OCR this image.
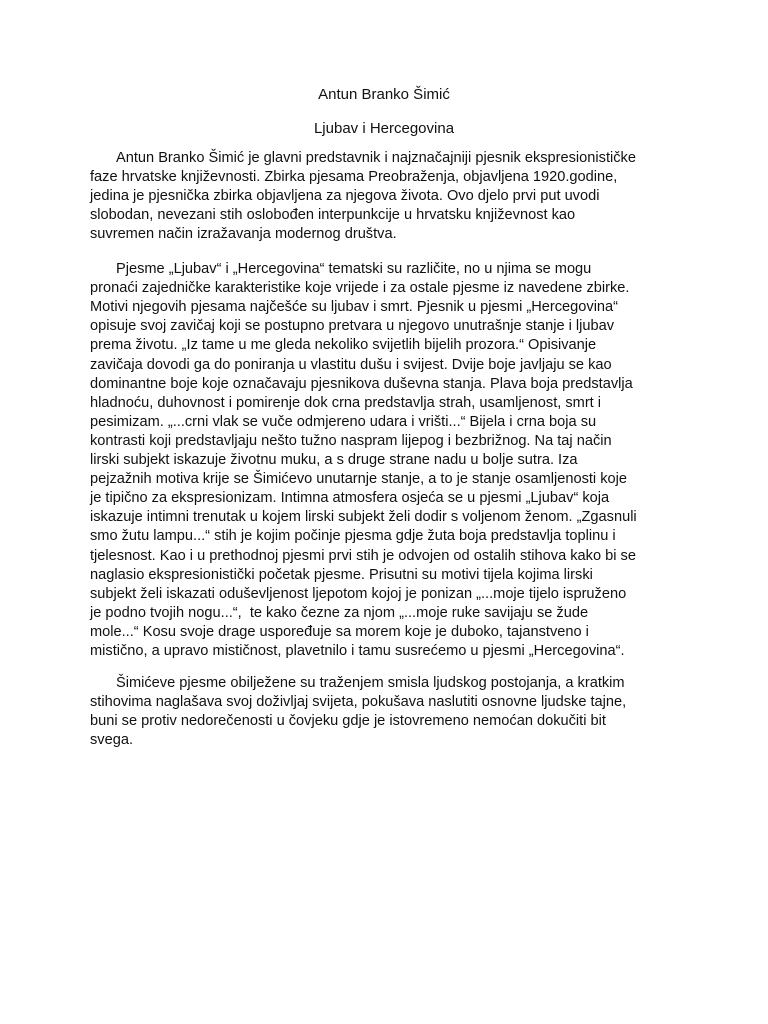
Antun Branko Šimić
Ljubav i Hercegovina

Antun Branko Šimić je glavni predstavnik i najznačajniji pjesnik ekspresionističke

faze hrvatske književnosti. Zbirka pjesama Preobraženja, objavljena 1920.godine,

jedina je pjesnička zbirka objavljena za njegova života. Ovo djelo prvi put uvodi

slobodan, nevezani stih oslobođen interpunkcije u hrvatsku književnost kao

suvremen način izražavanja modernog društva.

Pjesme „Ljubav“ i „Hercegovina“ tematski su različite, no u njima se mogu

pronaći zajedničke karakteristike koje vrijede i za ostale pjesme iz navedene zbirke.

Motivi njegovih pjesama najčešće su ljubav i smrt. Pjesnik u pjesmi „Hercegovina“

opisuje svoj zavičaj koji se postupno pretvara u njegovo unutrašnje stanje i ljubav

prema životu. „Iz tame u me gleda nekoliko svijetlih bijelih prozora.“ Opisivanje

zavičaja dovodi ga do poniranja u vlastitu dušu i svijest. Dvije boje javljaju se kao

dominantne boje koje označavaju pjesnikova duševna stanja. Plava boja predstavlja

hladnoću, duhovnost i pomirenje dok crna predstavlja strah, usamljenost, smrt i

pesimizam. „...crni vlak se vuče odmjereno udara i vrišti...“ Bijela i crna boja su

kontrasti koji predstavljaju nešto tužno naspram lijepog i bezbrižnog. Na taj način

lirski subjekt iskazuje životnu muku, a s druge strane nadu u bolje sutra. Iza

pejzažnih motiva krije se Šimićevo unutarnje stanje, a to je stanje osamljenosti koje

je tipično za ekspresionizam. Intimna atmosfera osjeća se u pjesmi „Ljubav“ koja

iskazuje intimni trenutak u kojem lirski subjekt želi dodir s voljenom ženom. „Zgasnuli

smo žutu lampu...“ stih je kojim počinje pjesma gdje žuta boja predstavlja toplinu i

tjelesnost. Kao i u prethodnoj pjesmi prvi stih je odvojen od ostalih stihova kako bi se

naglasio ekspresionistički početak pjesme. Prisutni su motivi tijela kojima lirski

subjekt želi iskazati oduševljenost ljepotom kojoj je ponizan „...moje tijelo ispruženo

je podno tvojih nogu...“,  te kako čezne za njom „...moje ruke savijaju se žude

mole...“ Kosu svoje drage uspoređuje sa morem koje je duboko, tajanstveno i

mistično, a upravo mističnost, plavetnilo i tamu susrećemo u pjesmi „Hercegovina“.

Šimićeve pjesme obilježene su traženjem smisla ljudskog postojanja, a kratkim

stihovima naglašava svoj doživljaj svijeta, pokušava naslutiti osnovne ljudske tajne,

buni se protiv nedorečenosti u čovjeku gdje je istovremeno nemoćan dokučiti bit

svega.
